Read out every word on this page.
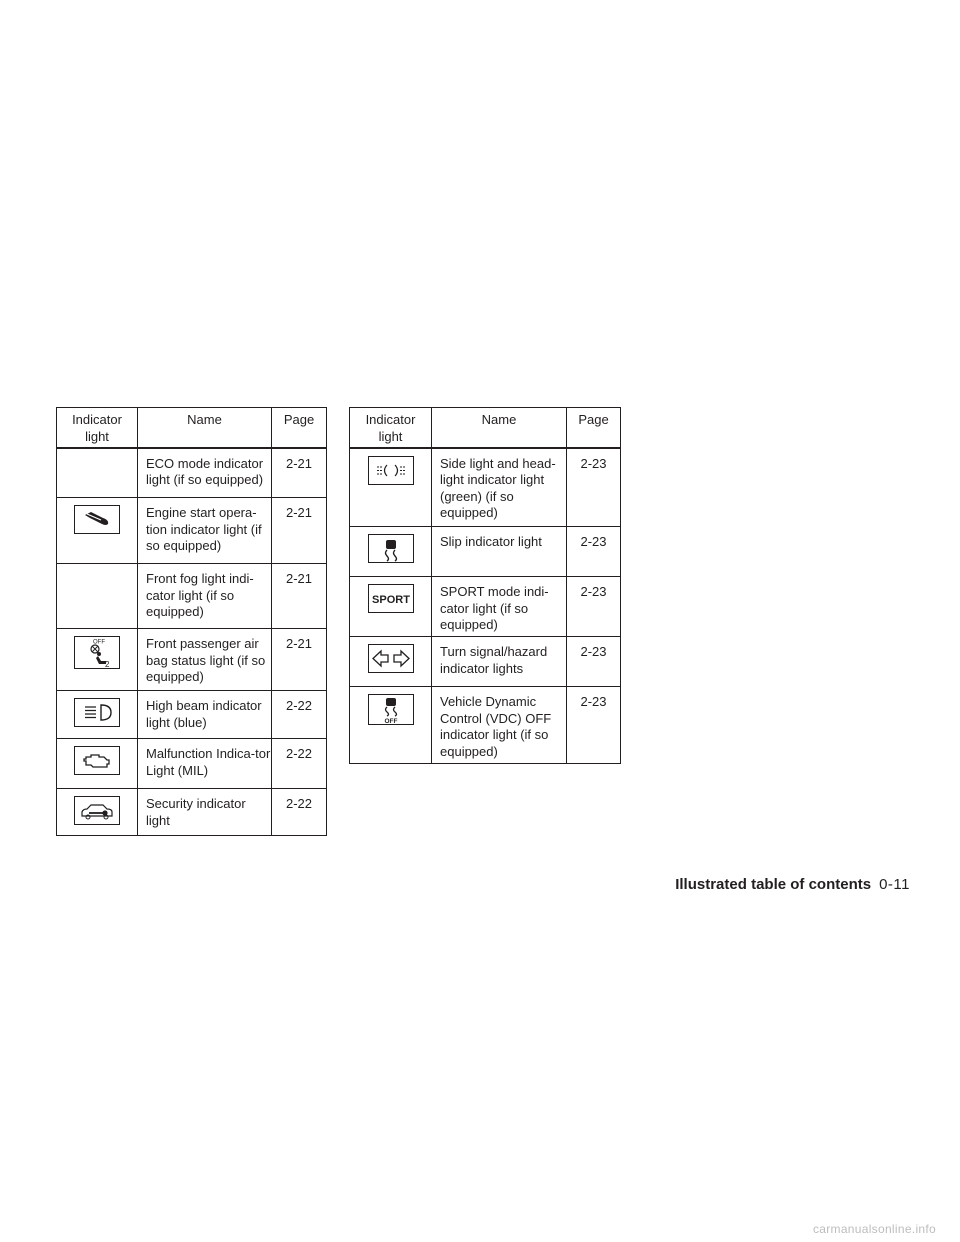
Indicator light	Name	Page
	ECO mode indicator light (if so equipped)	2-21

	Engine start opera-tion indicator light (if so equipped)	2-21
	Front fog light indi-cator light (if so equipped)	2-21

OFF
2	Front passenger air bag status light (if so equipped)	2-21

	High beam indicator light (blue)	2-22

	Malfunction Indica-tor Light (MIL)	2-22

	Security indicator light	2-22
Indicator light	Name	Page

	Side light and head-light indicator light (green) (if so equipped)	2-23

	Slip indicator light	2-23

SPORT	SPORT mode indi-cator light (if so equipped)	2-23

	Turn signal/hazard indicator lights	2-23

OFF	Vehicle Dynamic Control (VDC) OFF indicator light (if so equipped)	2-23
Illustrated table of contents 0-11
carmanualsonline.info
